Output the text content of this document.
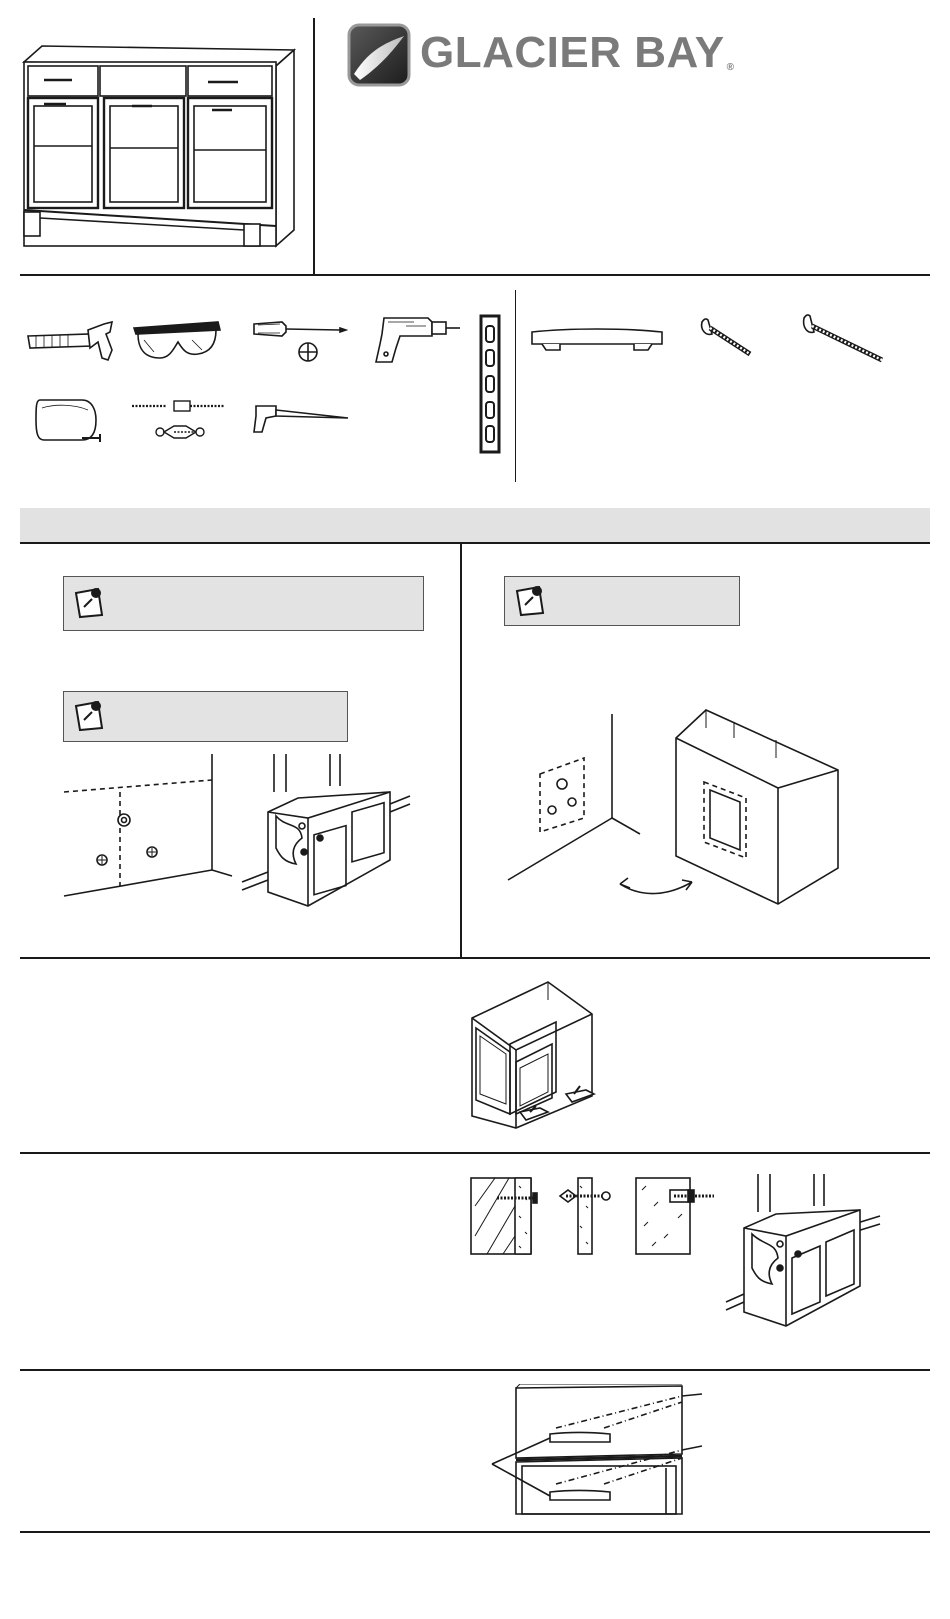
GLACIER BAY ®
